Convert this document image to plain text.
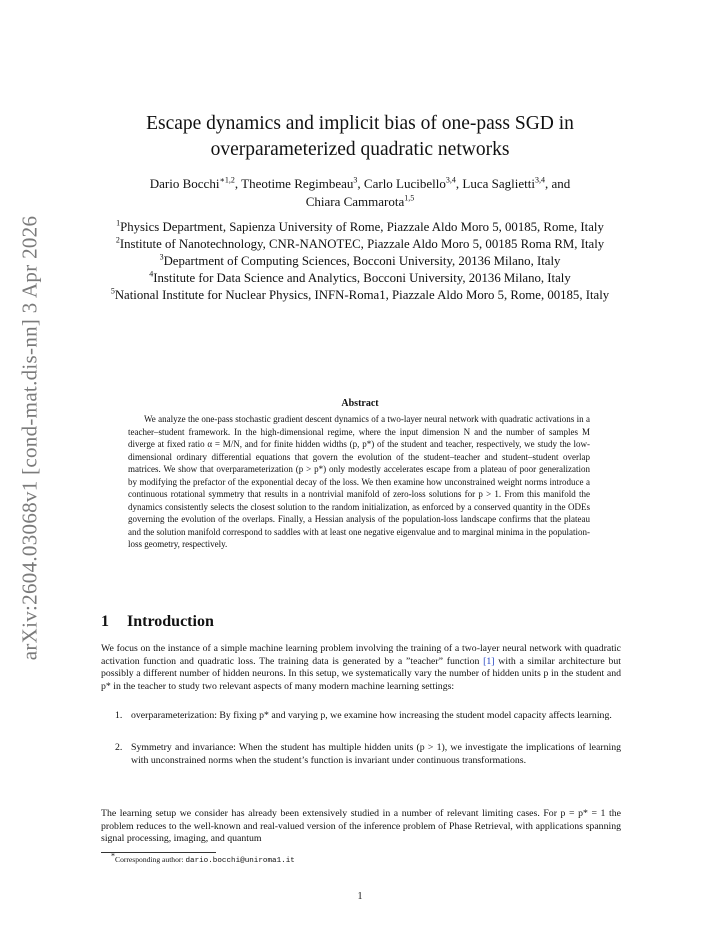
arXiv:2604.03068v1 [cond-mat.dis-nn] 3 Apr 2026
Escape dynamics and implicit bias of one-pass SGD in
overparameterized quadratic networks
Dario Bocchi$^{∗1,2}$, Theotime Regimbeau$^3$, Carlo Lucibello$^{3,4}$, Luca Saglietti$^{3,4}$, and
Chiara Cammarota$^{1,5}$
$^1$Physics Department, Sapienza University of Rome, Piazzale Aldo Moro 5, 00185, Rome, Italy
$^2$Institute of Nanotechnology, CNR-NANOTEC, Piazzale Aldo Moro 5, 00185 Roma RM, Italy
$^3$Department of Computing Sciences, Bocconi University, 20136 Milano, Italy
$^4$Institute for Data Science and Analytics, Bocconi University, 20136 Milano, Italy
$^5$National Institute for Nuclear Physics, INFN-Roma1, Piazzale Aldo Moro 5, Rome, 00185, Italy
Abstract
We analyze the one-pass stochastic gradient descent dynamics of a two-layer neural network with quadratic activations in a teacher–student framework. In the high-dimensional regime, where the input dimension N and the number of samples M diverge at fixed ratio α = M/N, and for finite hidden widths (p, p*) of the student and teacher, respectively, we study the low-dimensional ordinary differential equations that govern the evolution of the student–teacher and student–student overlap matrices. We show that overparameterization (p > p*) only modestly accelerates escape from a plateau of poor generalization by modifying the prefactor of the exponential decay of the loss. We then examine how unconstrained weight norms introduce a continuous rotational symmetry that results in a nontrivial manifold of zero-loss solutions for p > 1. From this manifold the dynamics consistently selects the closest solution to the random initialization, as enforced by a conserved quantity in the ODEs governing the evolution of the overlaps. Finally, a Hessian analysis of the population-loss landscape confirms that the plateau and the solution manifold correspond to saddles with at least one negative eigenvalue and to marginal minima in the population-loss geometry, respectively.
1 Introduction
We focus on the instance of a simple machine learning problem involving the training of a two-layer neural network with quadratic activation function and quadratic loss. The training data is generated by a ”teacher” function [1] with a similar architecture but possibly a different number of hidden neurons. In this setup, we systematically vary the number of hidden units p in the student and p* in the teacher to study two relevant aspects of many modern machine learning settings:
1. overparameterization: By fixing p* and varying p, we examine how increasing the student model capacity affects learning.
2. Symmetry and invariance: When the student has multiple hidden units (p > 1), we investigate the implications of learning with unconstrained norms when the student’s function is invariant under continuous transformations.
The learning setup we consider has already been extensively studied in a number of relevant limiting cases. For p = p* = 1 the problem reduces to the well-known and real-valued version of the inference problem of Phase Retrieval, with applications spanning signal processing, imaging, and quantum
*Corresponding author: dario.bocchi@uniroma1.it
1
